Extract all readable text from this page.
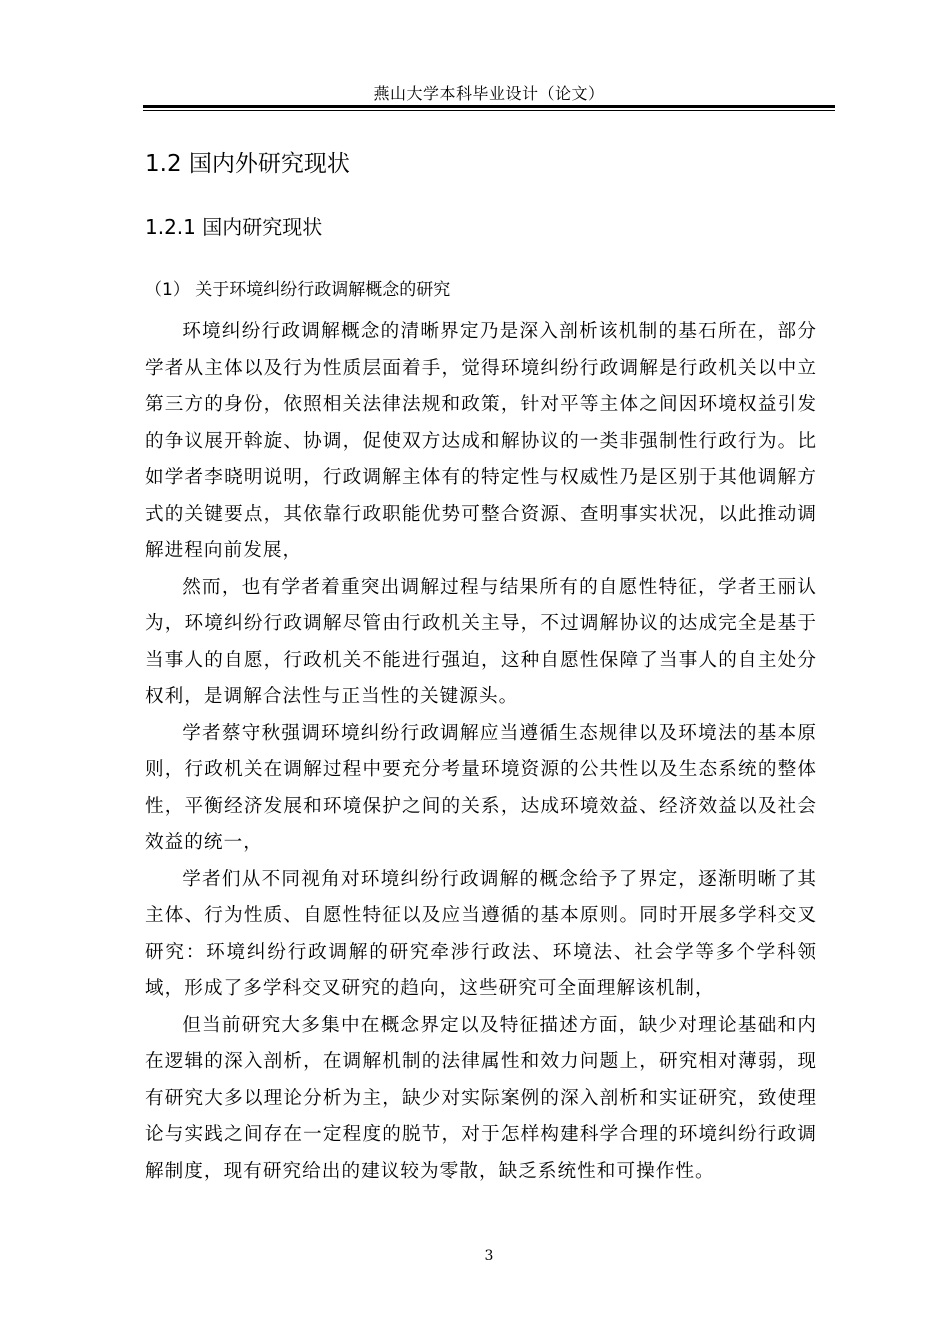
燕山大学本科毕业设计（论文）
1.2 国内外研究现状
1.2.1 国内研究现状
（1） 关于环境纠纷行政调解概念的研究

环境纠纷行政调解概念的清晰界定乃是深入剖析该机制的基石所在，部分学者从主体以及行为性质层面着手，觉得环境纠纷行政调解是行政机关以中立第三方的身份，依照相关法律法规和政策，针对平等主体之间因环境权益引发的争议展开斡旋、协调，促使双方达成和解协议的一类非强制性行政行为。比如学者李晓明说明，行政调解主体有的特定性与权威性乃是区别于其他调解方式的关键要点，其依靠行政职能优势可整合资源、查明事实状况，以此推动调解进程向前发展，

然而，也有学者着重突出调解过程与结果所有的自愿性特征，学者王丽认为，环境纠纷行政调解尽管由行政机关主导，不过调解协议的达成完全是基于当事人的自愿，行政机关不能进行强迫，这种自愿性保障了当事人的自主处分权利，是调解合法性与正当性的关键源头。

学者蔡守秋强调环境纠纷行政调解应当遵循生态规律以及环境法的基本原则，行政机关在调解过程中要充分考量环境资源的公共性以及生态系统的整体性，平衡经济发展和环境保护之间的关系，达成环境效益、经济效益以及社会效益的统一，

学者们从不同视角对环境纠纷行政调解的概念给予了界定，逐渐明晰了其主体、行为性质、自愿性特征以及应当遵循的基本原则。同时开展多学科交叉研究：环境纠纷行政调解的研究牵涉行政法、环境法、社会学等多个学科领域，形成了多学科交叉研究的趋向，这些研究可全面理解该机制，

但当前研究大多集中在概念界定以及特征描述方面，缺少对理论基础和内在逻辑的深入剖析，在调解机制的法律属性和效力问题上，研究相对薄弱，现有研究大多以理论分析为主，缺少对实际案例的深入剖析和实证研究，致使理论与实践之间存在一定程度的脱节，对于怎样构建科学合理的环境纠纷行政调解制度，现有研究给出的建议较为零散，缺乏系统性和可操作性。

3
